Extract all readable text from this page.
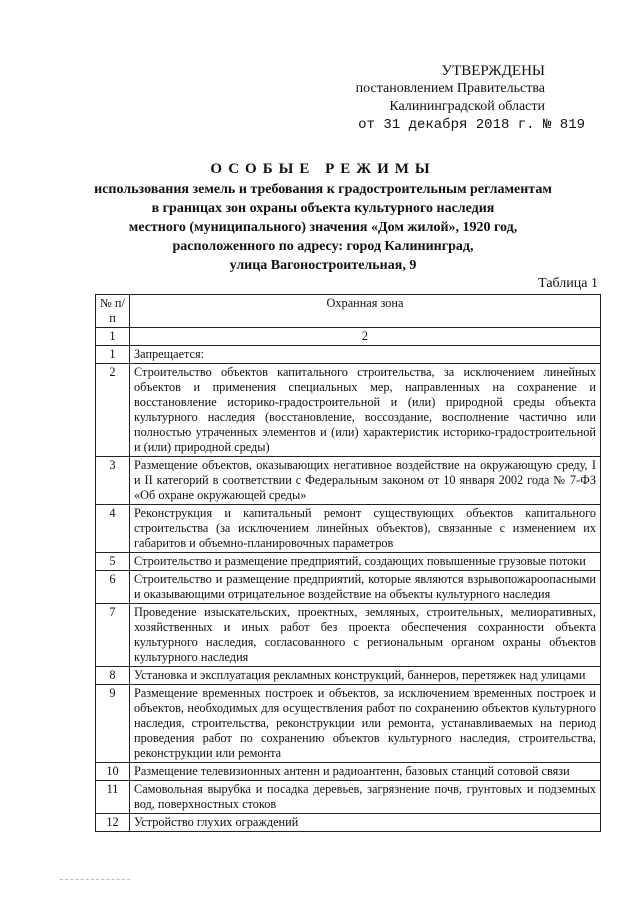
УТВЕРЖДЕНЫ
постановлением Правительства
Калининградской области
от 31 декабря 2018 г. № 819
ОСОБЫЕ РЕЖИМЫ
использования земель и требования к градостроительным регламентам
в границах зон охраны объекта культурного наследия
местного (муниципального) значения «Дом жилой», 1920 год,
расположенного по адресу: город Калининград,
улица Вагоностроительная, 9
Таблица 1
№ п/п	Охранная зона
1	2
1	Запрещается:
2	Строительство объектов капитального строительства, за исключением линейных объектов и применения специальных мер, направленных на сохранение и восстановление историко-градостроительной и (или) природной среды объекта культурного наследия (восстановление, воссоздание, восполнение частично или полностью утраченных элементов и (или) характеристик историко-градостроительной и (или) природной среды)
3	Размещение объектов, оказывающих негативное воздействие на окружающую среду, I и II категорий в соответствии с Федеральным законом от 10 января 2002 года № 7-ФЗ «Об охране окружающей среды»
4	Реконструкция и капитальный ремонт существующих объектов капитального строительства (за исключением линейных объектов), связанные с изменением их габаритов и объемно-планировочных параметров
5	Строительство и размещение предприятий, создающих повышенные грузовые потоки
6	Строительство и размещение предприятий, которые являются взрывопожароопасными и оказывающими отрицательное воздействие на объекты культурного наследия
7	Проведение изыскательских, проектных, земляных, строительных, мелиоративных, хозяйственных и иных работ без проекта обеспечения сохранности объекта культурного наследия, согласованного с региональным органом охраны объектов культурного наследия
8	Установка и эксплуатация рекламных конструкций, баннеров, перетяжек над улицами
9	Размещение временных построек и объектов, за исключением временных построек и объектов, необходимых для осуществления работ по сохранению объектов культурного наследия, строительства, реконструкции или ремонта, устанавливаемых на период проведения работ по сохранению объектов культурного наследия, строительства, реконструкции или ремонта
10	Размещение телевизионных антенн и радиоантенн, базовых станций сотовой связи
11	Самовольная вырубка и посадка деревьев, загрязнение почв, грунтовых и подземных вод, поверхностных стоков
12	Устройство глухих ограждений
